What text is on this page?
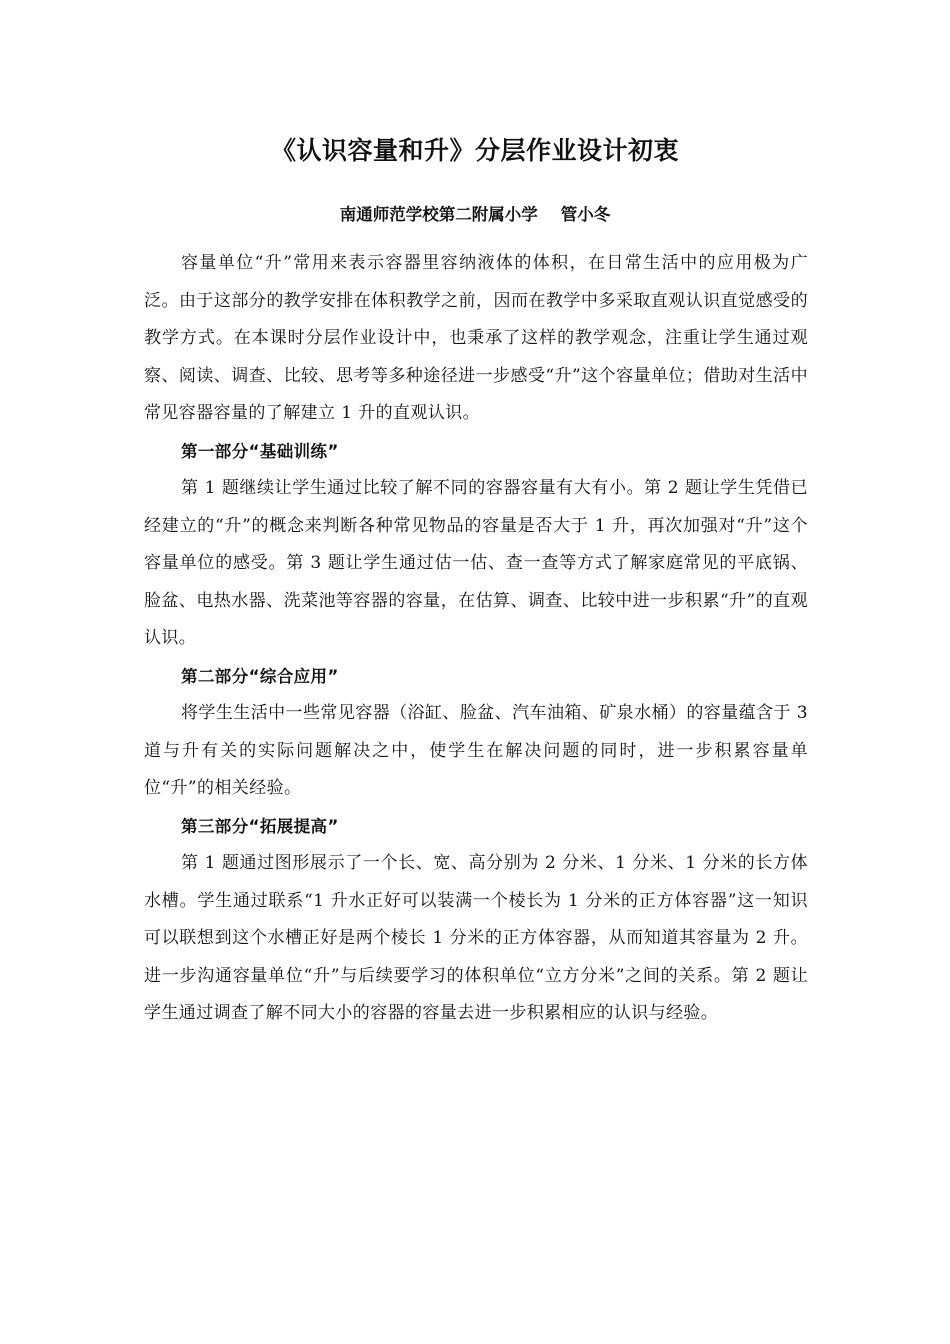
《认识容量和升》分层作业设计初衷

南通师范学校第二附属小学    管小冬

容量单位“升”常用来表示容器里容纳液体的体积，在日常生活中的应用极为广泛。由于这部分的教学安排在体积教学之前，因而在教学中多采取直观认识直觉感受的教学方式。在本课时分层作业设计中，也秉承了这样的教学观念，注重让学生通过观察、阅读、调查、比较、思考等多种途径进一步感受“升”这个容量单位；借助对生活中常见容器容量的了解建立 1 升的直观认识。

第一部分“基础训练”

第 1 题继续让学生通过比较了解不同的容器容量有大有小。第 2 题让学生凭借已经建立的“升”的概念来判断各种常见物品的容量是否大于 1 升，再次加强对“升”这个容量单位的感受。第 3 题让学生通过估一估、查一查等方式了解家庭常见的平底锅、脸盆、电热水器、洗菜池等容器的容量，在估算、调查、比较中进一步积累“升”的直观认识。

第二部分“综合应用”

将学生生活中一些常见容器（浴缸、脸盆、汽车油箱、矿泉水桶）的容量蕴含于 3 道与升有关的实际问题解决之中，使学生在解决问题的同时，进一步积累容量单位“升”的相关经验。

第三部分“拓展提高”

第 1 题通过图形展示了一个长、宽、高分别为 2 分米、1 分米、1 分米的长方体水槽。学生通过联系“1 升水正好可以装满一个棱长为 1 分米的正方体容器”这一知识可以联想到这个水槽正好是两个棱长 1 分米的正方体容器，从而知道其容量为 2 升。进一步沟通容量单位“升”与后续要学习的体积单位“立方分米”之间的关系。第 2 题让学生通过调查了解不同大小的容器的容量去进一步积累相应的认识与经验。
